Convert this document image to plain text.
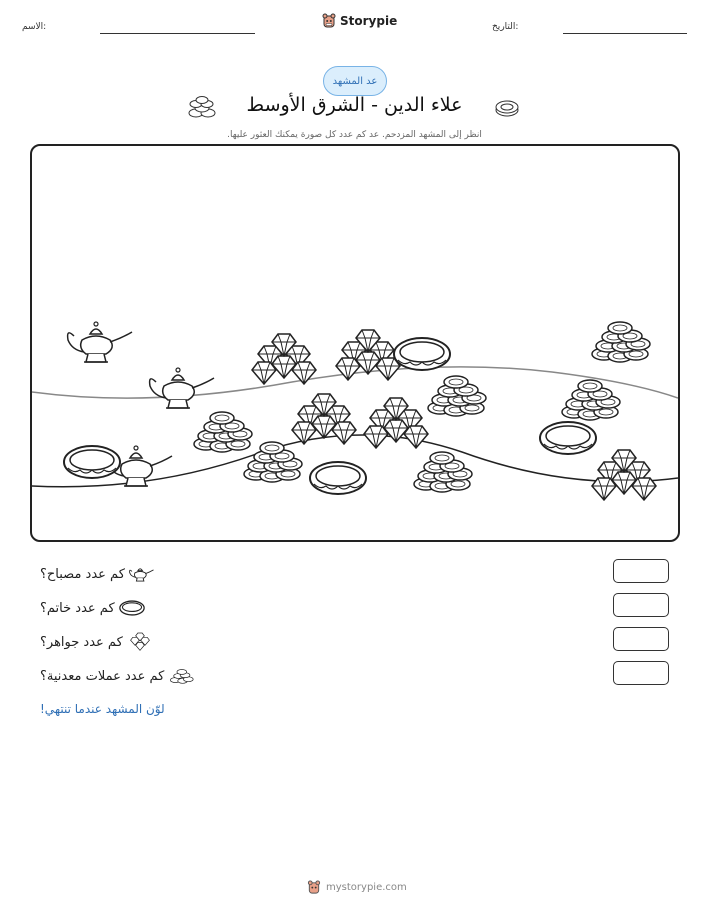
التاريخ:
Storypie
الاسم:
عد المشهد
علاء الدين - الشرق الأوسط
انظر إلى المشهد المزدحم. عد كم عدد كل صورة يمكنك العثور عليها.
كم عدد مصباح؟
كم عدد خاتم؟
كم عدد جواهر؟
كم عدد عملات معدنية؟
لوّن المشهد عندما تنتهي!
mystorypie.com
